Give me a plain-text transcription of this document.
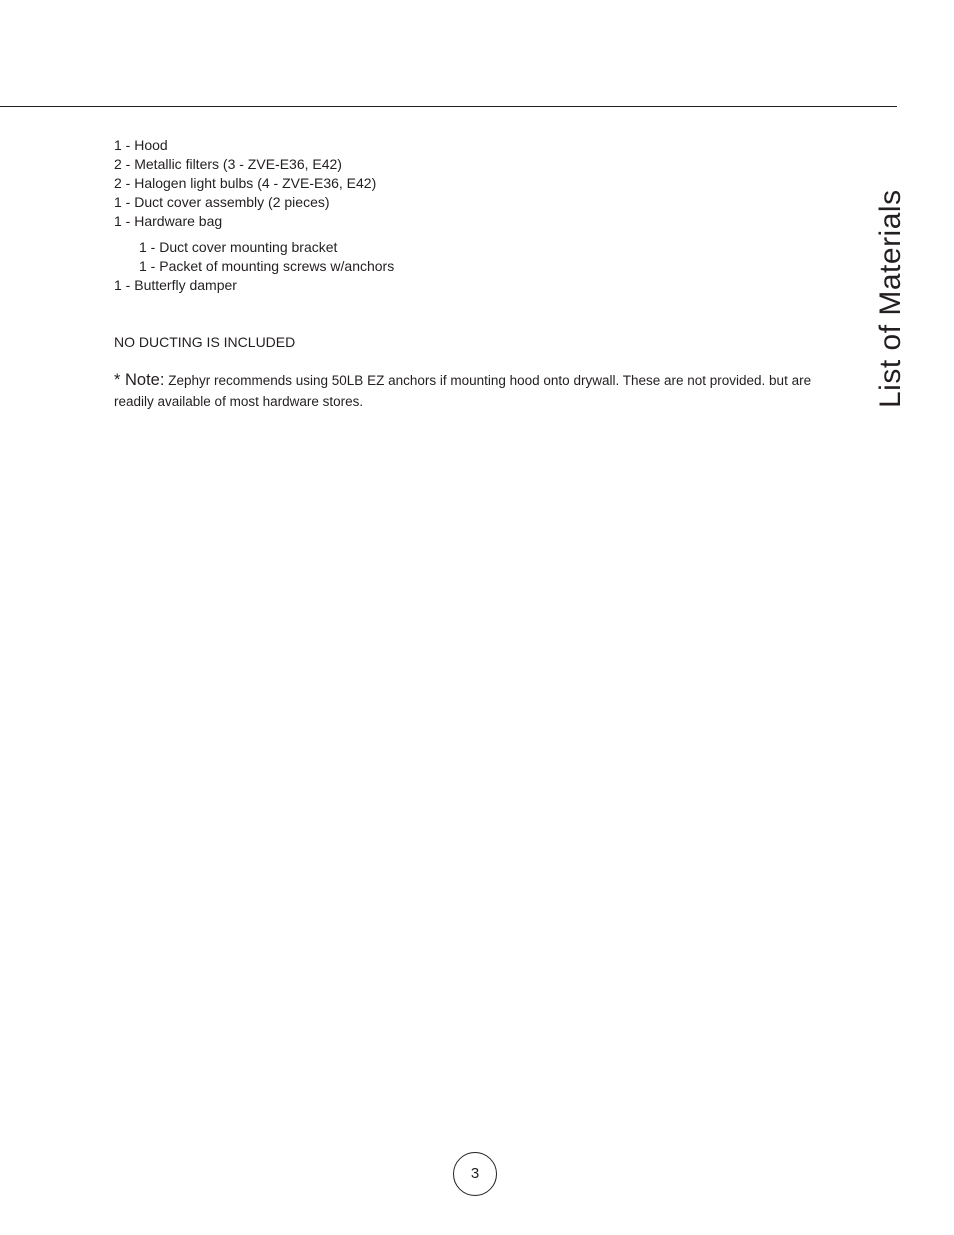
1 - Hood
2 - Metallic filters (3 - ZVE-E36, E42)
2 - Halogen light bulbs (4 - ZVE-E36, E42)
1 - Duct cover assembly (2 pieces)
1 - Hardware bag
1 - Duct cover mounting bracket
1 - Packet of mounting screws w/anchors
1 - Butterfly damper
NO DUCTING IS INCLUDED
* Note: Zephyr recommends using 50LB EZ anchors if mounting hood onto drywall. These are not provided. but are readily available of most hardware stores.	List of Materials
3
